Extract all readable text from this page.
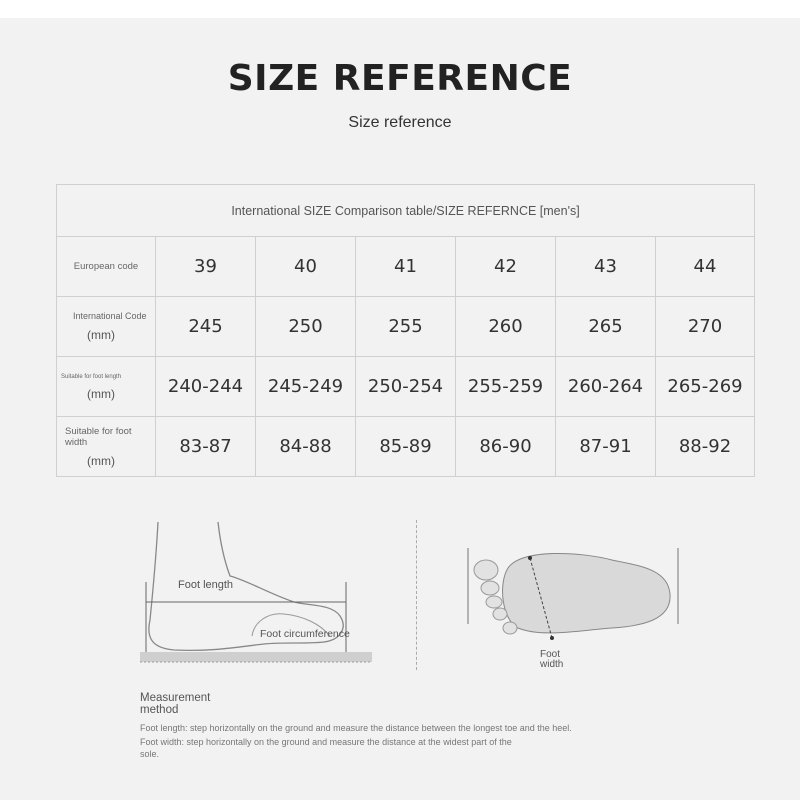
SIZE REFERENCE
Size reference
International SIZE Comparison table/SIZE REFERNCE [men's]						

European code	39	40	41	42	43	44

International Code
(mm)	245	250	255	260	265	270

Suitable for foot length
(mm)	240-244	245-249	250-254	255-259	260-264	265-269

Suitable for foot width
(mm)	83-87	84-88	85-89	86-90	87-91	88-92
Foot length
Foot circumference
Foot width
Measurement method
Foot length: step horizontally on the ground and measure the distance between the longest toe and the heel.
Foot width: step horizontally on the ground and measure the distance at the widest part of the sole.
